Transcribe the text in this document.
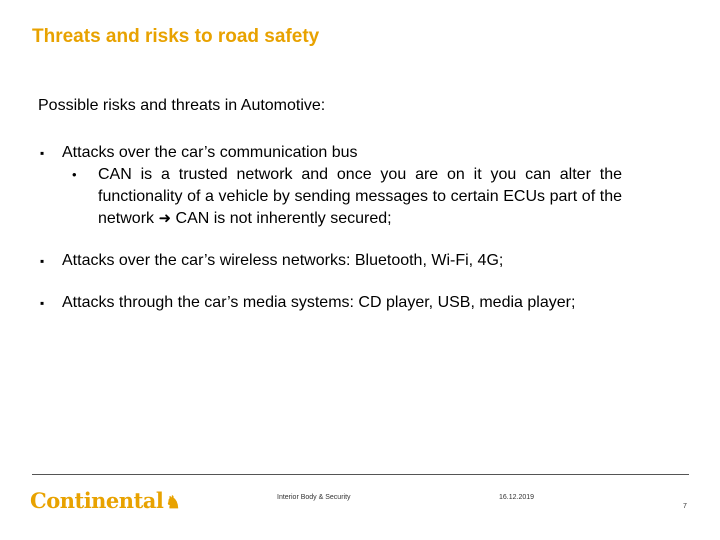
Threats and risks to road safety
Possible risks and threats in Automotive:
▪	Attacks over the car’s communication bus
•	CAN is a trusted network and once you are on it you can alter the functionality of a vehicle by sending messages to certain ECUs part of the network ➜ CAN is not inherently secured;
▪	Attacks over the car’s wireless networks: Bluetooth, Wi-Fi, 4G;
▪	Attacks through the car’s media systems: CD player, USB, media player;
Continental ♞	Interior Body & Security	16.12.2019
7
